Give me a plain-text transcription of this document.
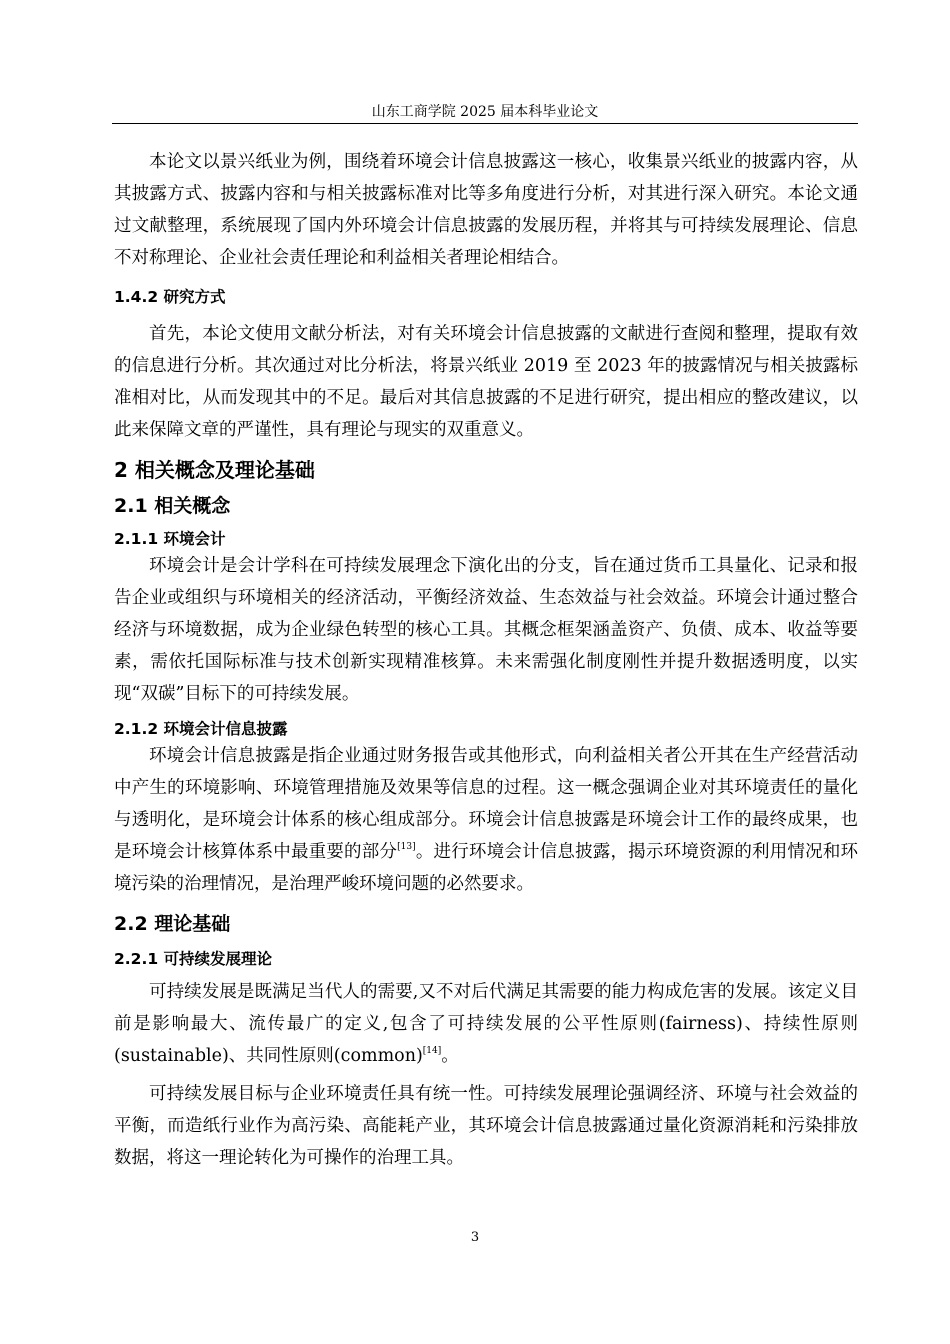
山东工商学院 2025 届本科毕业论文

本论文以景兴纸业为例，围绕着环境会计信息披露这一核心，收集景兴纸业的披露内容，从其披露方式、披露内容和与相关披露标准对比等多角度进行分析，对其进行深入研究。本论文通过文献整理，系统展现了国内外环境会计信息披露的发展历程，并将其与可持续发展理论、信息不对称理论、企业社会责任理论和利益相关者理论相结合。

1.4.2 研究方式

首先，本论文使用文献分析法，对有关环境会计信息披露的文献进行查阅和整理，提取有效的信息进行分析。其次通过对比分析法，将景兴纸业 2019 至 2023 年的披露情况与相关披露标准相对比，从而发现其中的不足。最后对其信息披露的不足进行研究，提出相应的整改建议，以此来保障文章的严谨性，具有理论与现实的双重意义。

2 相关概念及理论基础
2.1 相关概念
2.1.1 环境会计

环境会计是会计学科在可持续发展理念下演化出的分支，旨在通过货币工具量化、记录和报告企业或组织与环境相关的经济活动，平衡经济效益、生态效益与社会效益。环境会计通过整合经济与环境数据，成为企业绿色转型的核心工具。其概念框架涵盖资产、负债、成本、收益等要素，需依托国际标准与技术创新实现精准核算。未来需强化制度刚性并提升数据透明度，以实现“双碳”目标下的可持续发展。

2.1.2 环境会计信息披露

环境会计信息披露是指企业通过财务报告或其他形式，向利益相关者公开其在生产经营活动中产生的环境影响、环境管理措施及效果等信息的过程。这一概念强调企业对其环境责任的量化与透明化，是环境会计体系的核心组成部分。环境会计信息披露是环境会计工作的最终成果，也是环境会计核算体系中最重要的部分[13]。进行环境会计信息披露，揭示环境资源的利用情况和环境污染的治理情况，是治理严峻环境问题的必然要求。

2.2 理论基础
2.2.1 可持续发展理论

可持续发展是既满足当代人的需要,又不对后代满足其需要的能力构成危害的发展。该定义目前是影响最大、流传最广的定义,包含了可持续发展的公平性原则(fairness)、持续性原则(sustainable)、共同性原则(common)[14]。

可持续发展目标与企业环境责任具有统一性。可持续发展理论强调经济、环境与社会效益的平衡，而造纸行业作为高污染、高能耗产业，其环境会计信息披露通过量化资源消耗和污染排放数据，将这一理论转化为可操作的治理工具。

3
